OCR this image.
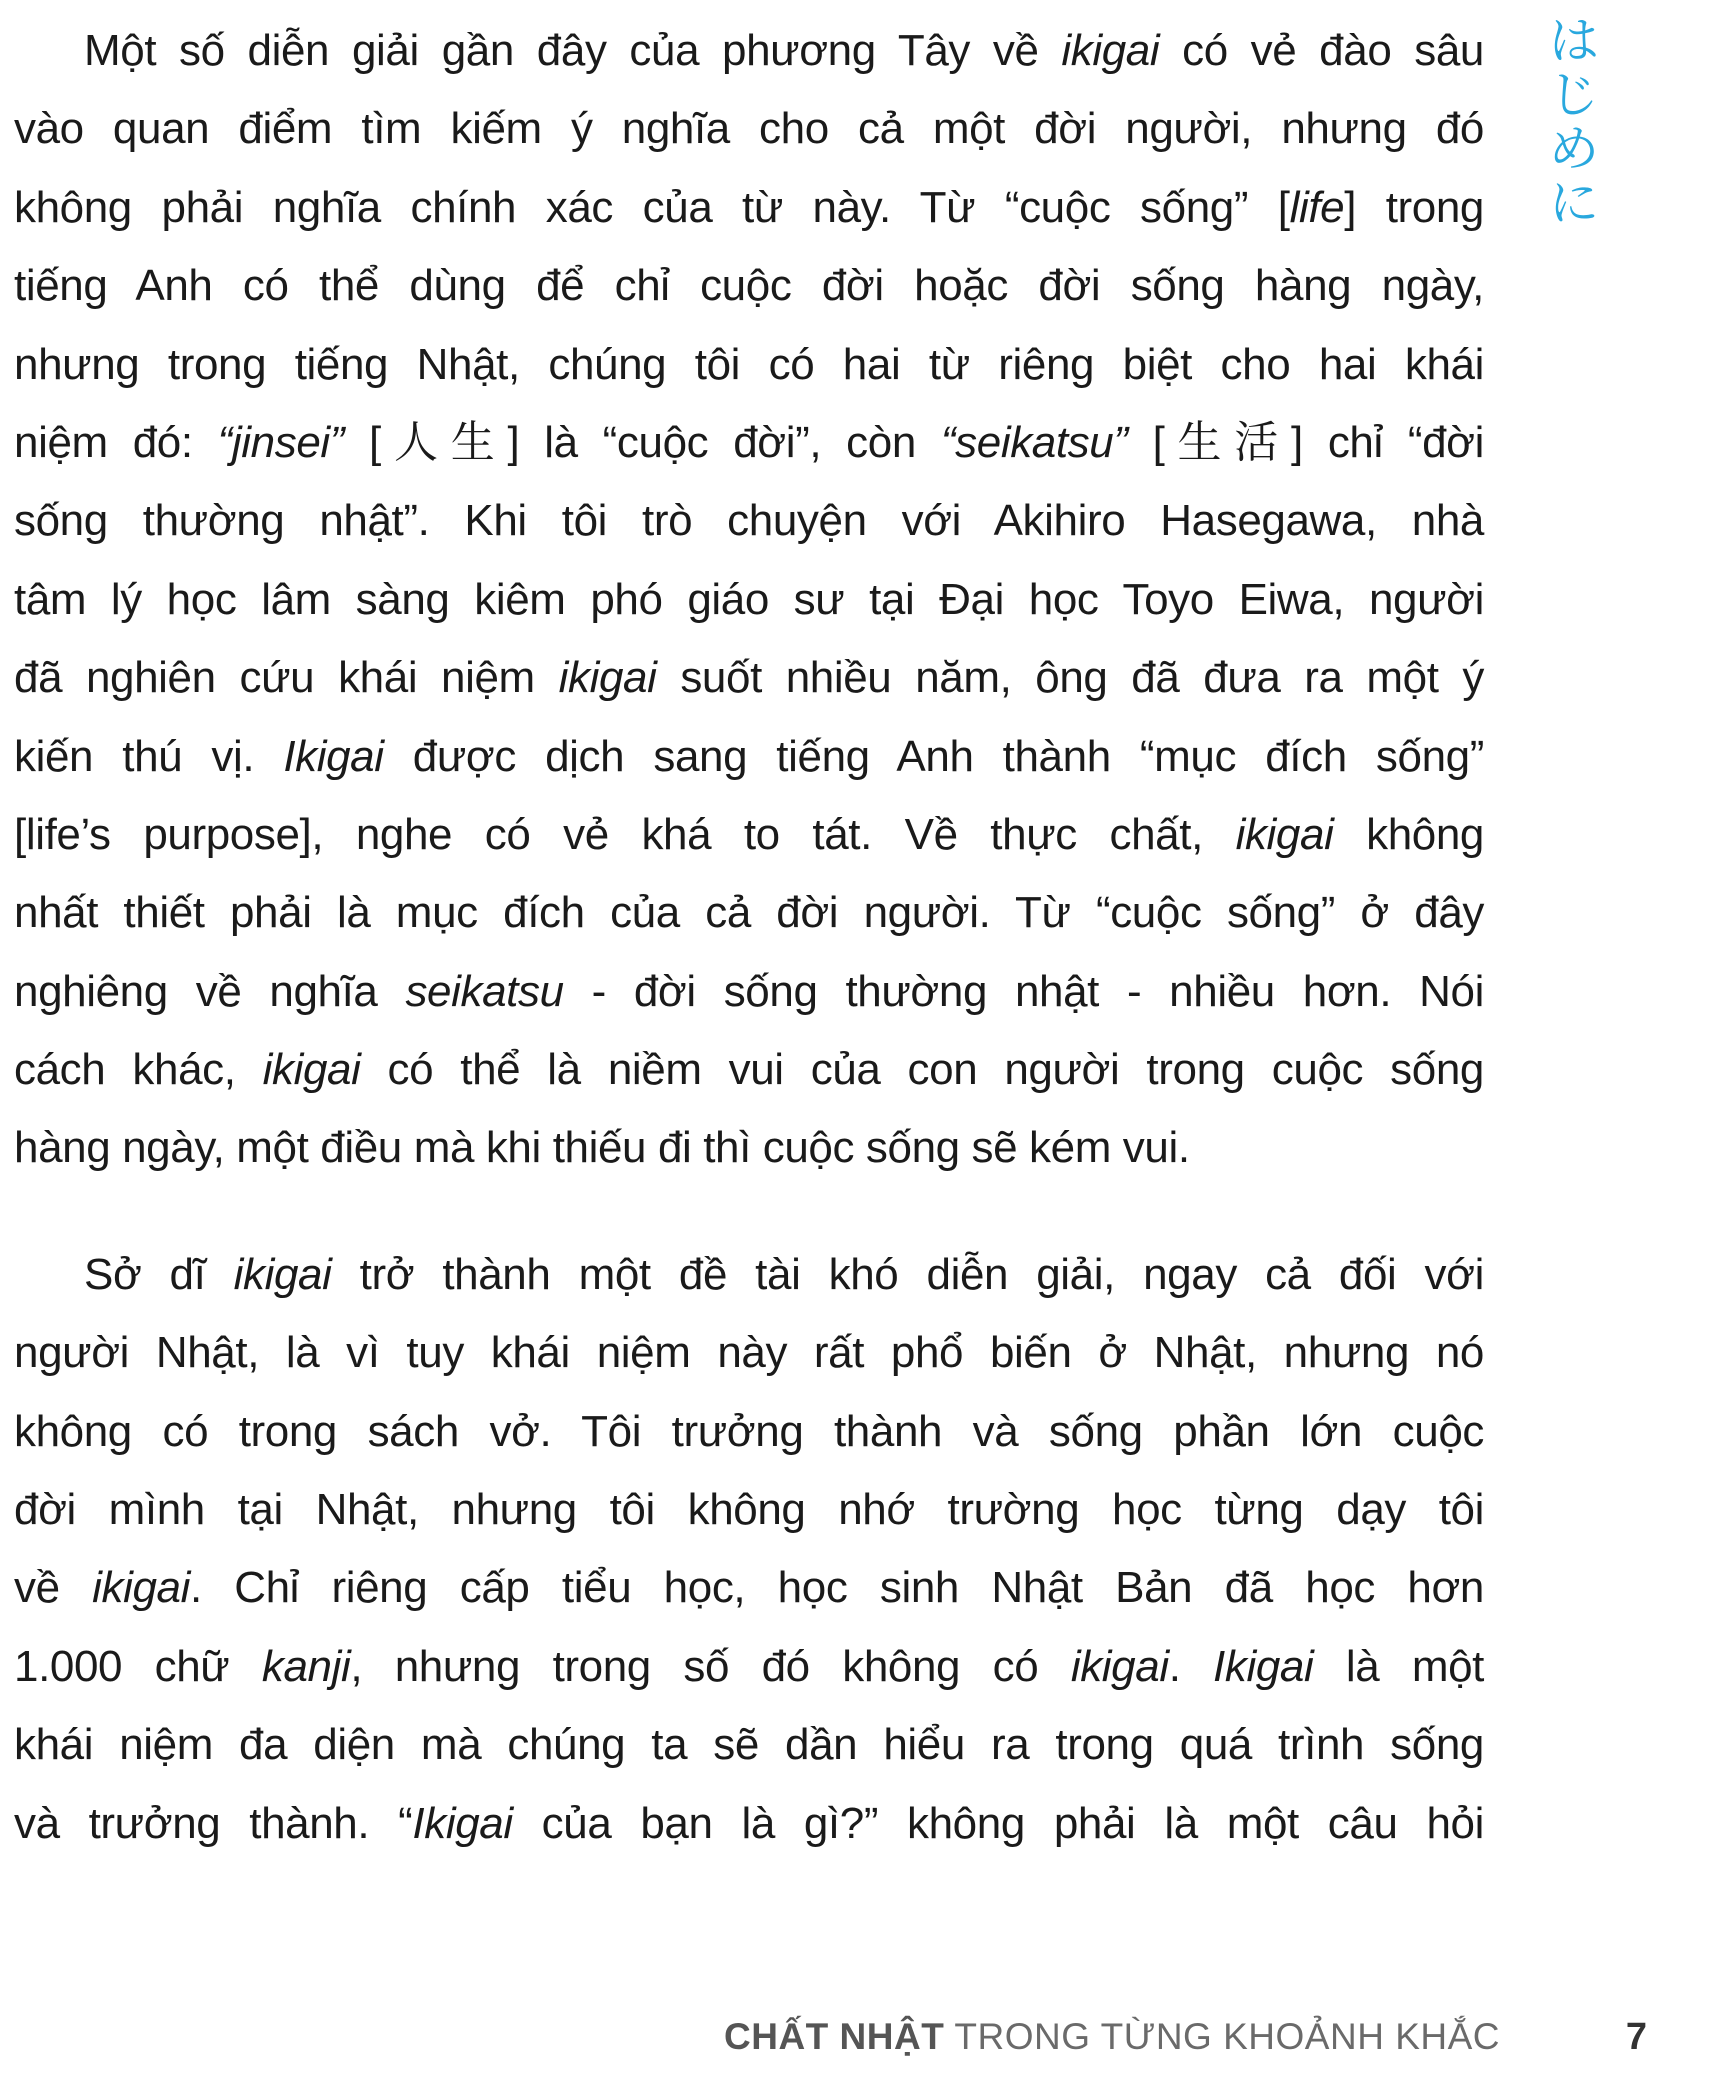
Một số diễn giải gần đây của phương Tây về ikigai có vẻ đào sâu
vào quan điểm tìm kiếm ý nghĩa cho cả một đời người, nhưng đó
không phải nghĩa chính xác của từ này. Từ “cuộc sống” [life] trong
tiếng Anh có thể dùng để chỉ cuộc đời hoặc đời sống hàng ngày,
nhưng trong tiếng Nhật, chúng tôi có hai từ riêng biệt cho hai khái
niệm đó: “jinsei” [人生] là “cuộc đời”, còn “seikatsu” [生活] chỉ “đời
sống thường nhật”. Khi tôi trò chuyện với Akihiro Hasegawa, nhà
tâm lý học lâm sàng kiêm phó giáo sư tại Đại học Toyo Eiwa, người
đã nghiên cứu khái niệm ikigai suốt nhiều năm, ông đã đưa ra một ý
kiến thú vị. Ikigai được dịch sang tiếng Anh thành “mục đích sống”
[life’s purpose], nghe có vẻ khá to tát. Về thực chất, ikigai không
nhất thiết phải là mục đích của cả đời người. Từ “cuộc sống” ở đây
nghiêng về nghĩa seikatsu - đời sống thường nhật - nhiều hơn. Nói
cách khác, ikigai có thể là niềm vui của con người trong cuộc sống
hàng ngày, một điều mà khi thiếu đi thì cuộc sống sẽ kém vui.
Sở dĩ ikigai trở thành một đề tài khó diễn giải, ngay cả đối với
người Nhật, là vì tuy khái niệm này rất phổ biến ở Nhật, nhưng nó
không có trong sách vở. Tôi trưởng thành và sống phần lớn cuộc
đời mình tại Nhật, nhưng tôi không nhớ trường học từng dạy tôi
về ikigai. Chỉ riêng cấp tiểu học, học sinh Nhật Bản đã học hơn
1.000 chữ kanji, nhưng trong số đó không có ikigai. Ikigai là một
khái niệm đa diện mà chúng ta sẽ dần hiểu ra trong quá trình sống
và trưởng thành. “Ikigai của bạn là gì?” không phải là một câu hỏi
は
じ
め
に
CHẤT NHẬT TRONG TỪNG KHOẢNH KHẮC	7
